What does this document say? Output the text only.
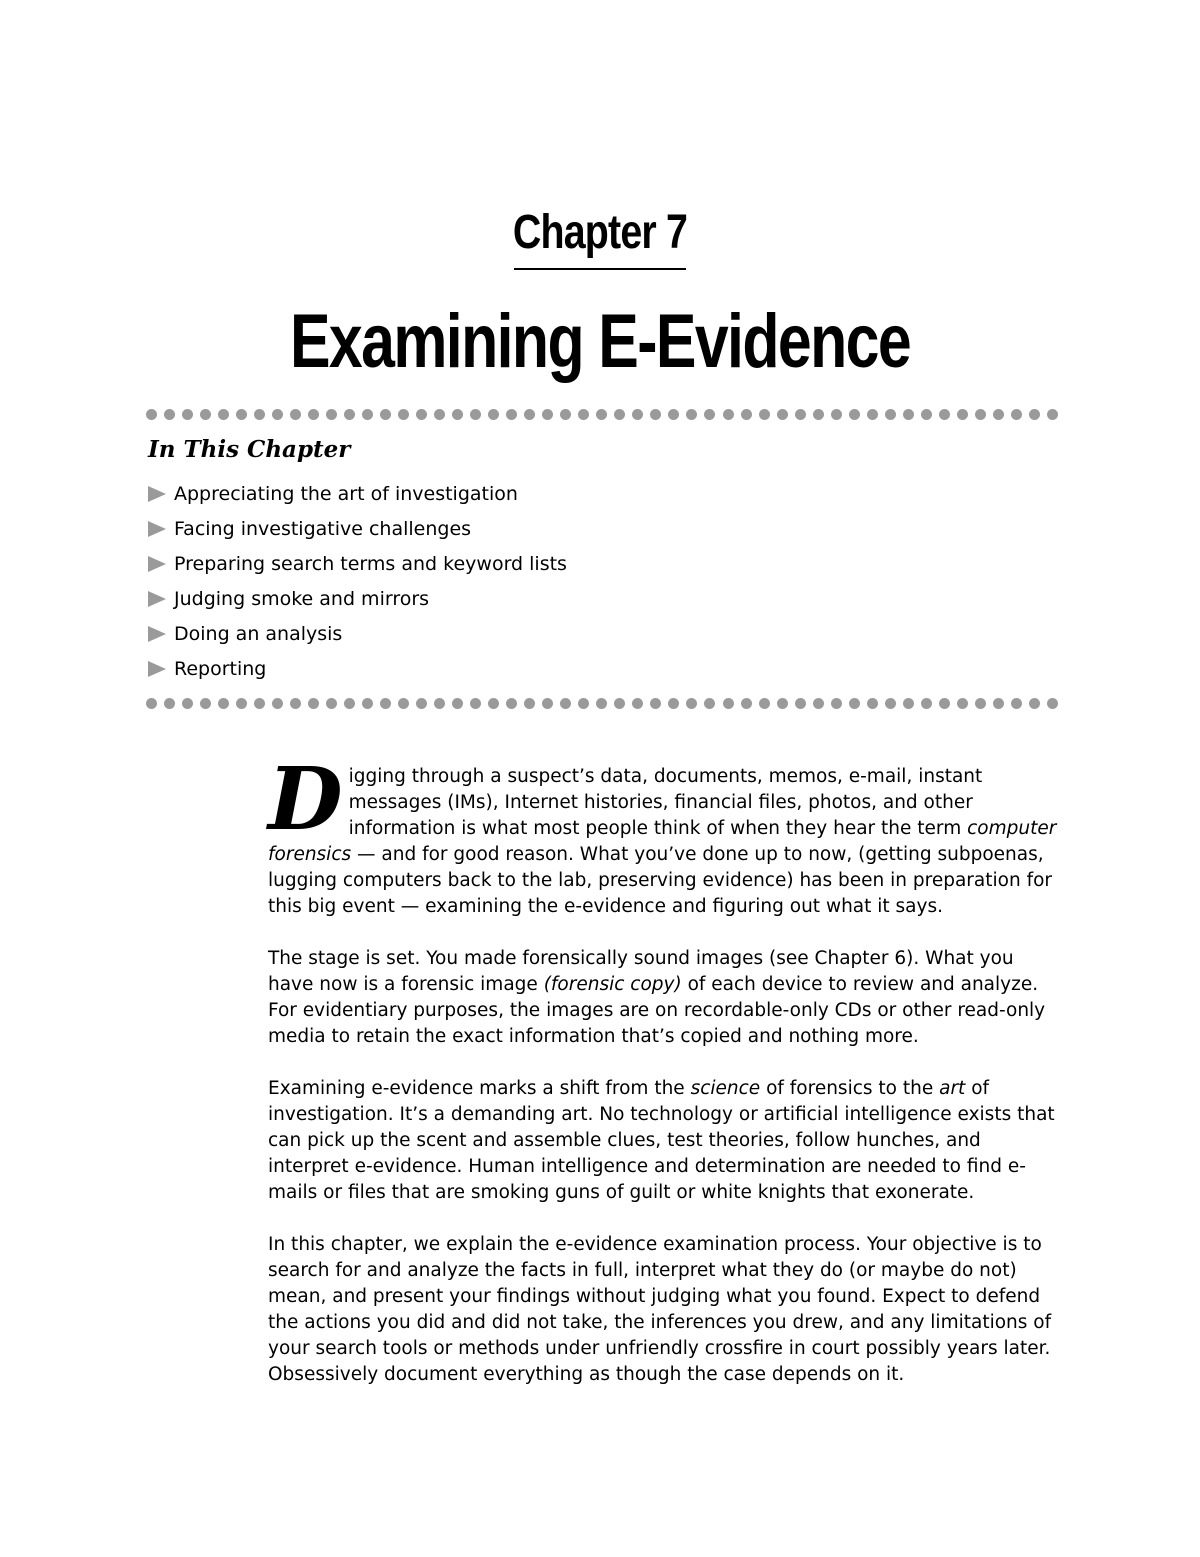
Chapter 7
Examining E-Evidence
In This Chapter
Appreciating the art of investigation
Facing investigative challenges
Preparing search terms and keyword lists
Judging smoke and mirrors
Doing an analysis
Reporting

Digging through a suspect’s data, documents, memos, e-mail, instant messages (IMs), Internet histories, financial files, photos, and other information is what most people think of when they hear the term computer forensics — and for good reason. What you’ve done up to now, (getting subpoenas, lugging computers back to the lab, preserving evidence) has been in preparation for this big event — examining the e-evidence and figuring out what it says.

The stage is set. You made forensically sound images (see Chapter 6). What you have now is a forensic image (forensic copy) of each device to review and analyze. For evidentiary purposes, the images are on recordable-only CDs or other read-only media to retain the exact information that’s copied and nothing more.

Examining e-evidence marks a shift from the science of forensics to the art of investigation. It’s a demanding art. No technology or artificial intelligence exists that can pick up the scent and assemble clues, test theories, follow hunches, and interpret e-evidence. Human intelligence and determination are needed to find e-mails or files that are smoking guns of guilt or white knights that exonerate.

In this chapter, we explain the e-evidence examination process. Your objective is to search for and analyze the facts in full, interpret what they do (or maybe do not) mean, and present your findings without judging what you found. Expect to defend the actions you did and did not take, the inferences you drew, and any limitations of your search tools or methods under unfriendly crossfire in court possibly years later. Obsessively document everything as though the case depends on it.
